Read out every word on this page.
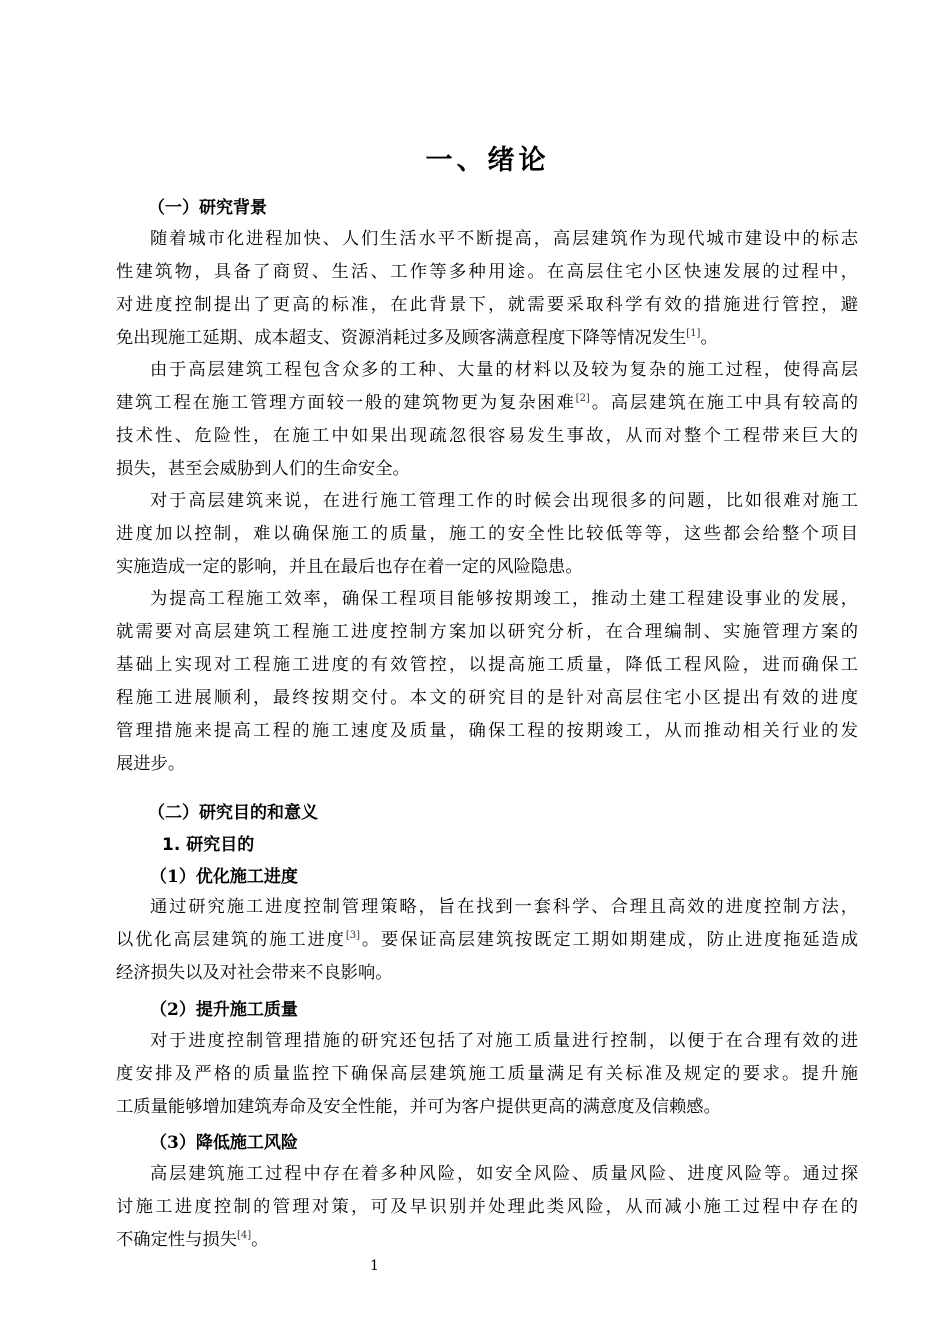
一、绪论
（一）研究背景
随着城市化进程加快、人们生活水平不断提高，高层建筑作为现代城市建设中的标志
性建筑物，具备了商贸、生活、工作等多种用途。在高层住宅小区快速发展的过程中，
对进度控制提出了更高的标准，在此背景下，就需要采取科学有效的措施进行管控，避
免出现施工延期、成本超支、资源消耗过多及顾客满意程度下降等情况发生[1]。
由于高层建筑工程包含众多的工种、大量的材料以及较为复杂的施工过程，使得高层
建筑工程在施工管理方面较一般的建筑物更为复杂困难[2]。高层建筑在施工中具有较高的
技术性、危险性，在施工中如果出现疏忽很容易发生事故，从而对整个工程带来巨大的
损失，甚至会威胁到人们的生命安全。
对于高层建筑来说，在进行施工管理工作的时候会出现很多的问题，比如很难对施工
进度加以控制，难以确保施工的质量，施工的安全性比较低等等，这些都会给整个项目
实施造成一定的影响，并且在最后也存在着一定的风险隐患。
为提高工程施工效率，确保工程项目能够按期竣工，推动土建工程建设事业的发展，
就需要对高层建筑工程施工进度控制方案加以研究分析，在合理编制、实施管理方案的
基础上实现对工程施工进度的有效管控，以提高施工质量，降低工程风险，进而确保工
程施工进展顺利，最终按期交付。本文的研究目的是针对高层住宅小区提出有效的进度
管理措施来提高工程的施工速度及质量，确保工程的按期竣工，从而推动相关行业的发
展进步。
（二）研究目的和意义
1. 研究目的
（1）优化施工进度
通过研究施工进度控制管理策略，旨在找到一套科学、合理且高效的进度控制方法，
以优化高层建筑的施工进度[3]。要保证高层建筑按既定工期如期建成，防止进度拖延造成
经济损失以及对社会带来不良影响。
（2）提升施工质量
对于进度控制管理措施的研究还包括了对施工质量进行控制，以便于在合理有效的进
度安排及严格的质量监控下确保高层建筑施工质量满足有关标准及规定的要求。提升施
工质量能够增加建筑寿命及安全性能，并可为客户提供更高的满意度及信赖感。
（3）降低施工风险
高层建筑施工过程中存在着多种风险，如安全风险、质量风险、进度风险等。通过探
讨施工进度控制的管理对策，可及早识别并处理此类风险，从而减小施工过程中存在的
不确定性与损失[4]。
1
